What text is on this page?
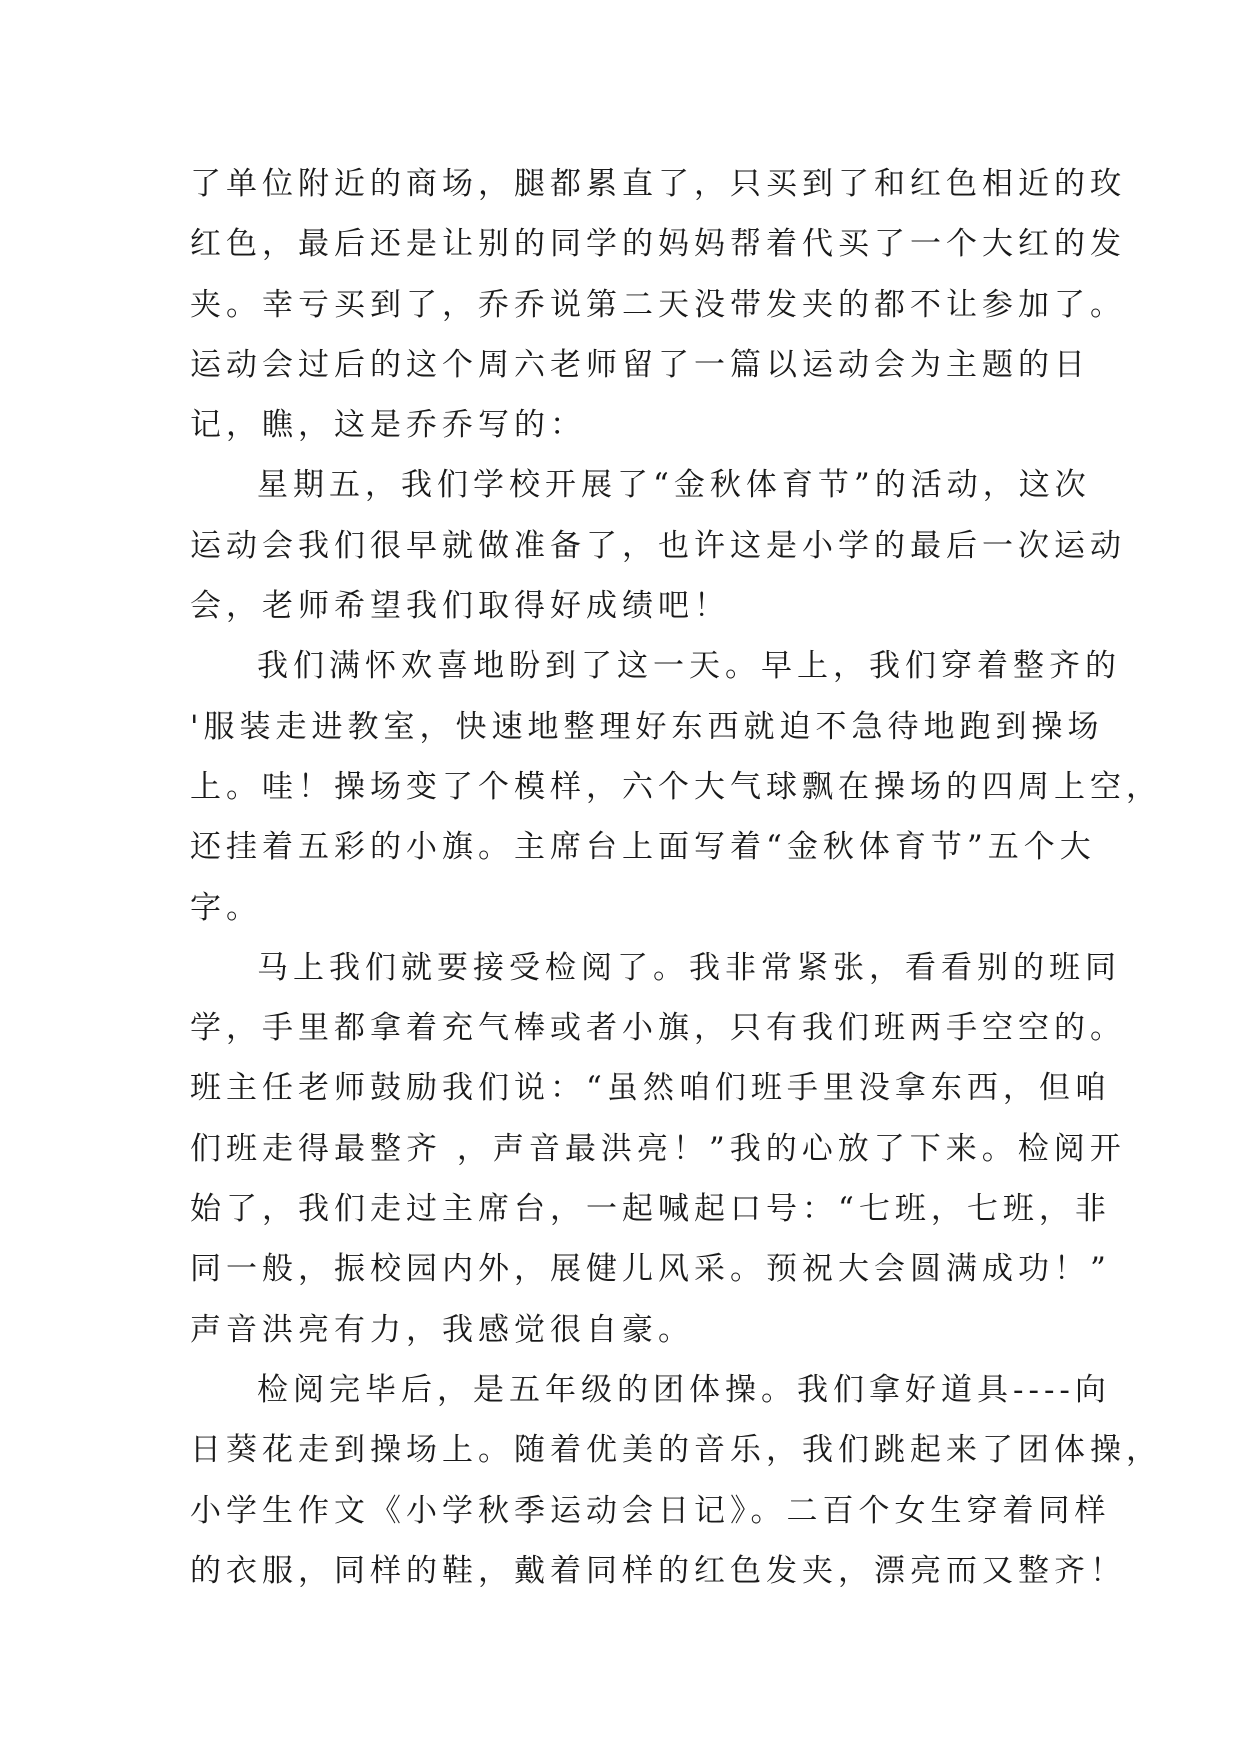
了单位附近的商场，腿都累直了，只买到了和红色相近的玫
红色，最后还是让别的同学的妈妈帮着代买了一个大红的发
夹。幸亏买到了，乔乔说第二天没带发夹的都不让参加了。
运动会过后的这个周六老师留了一篇以运动会为主题的日
记，瞧，这是乔乔写的：
星期五，我们学校开展了“金秋体育节”的活动，这次
运动会我们很早就做准备了，也许这是小学的最后一次运动
会，老师希望我们取得好成绩吧！
我们满怀欢喜地盼到了这一天。早上，我们穿着整齐的
'服装走进教室，快速地整理好东西就迫不急待地跑到操场
上。哇！操场变了个模样，六个大气球飘在操场的四周上空，
还挂着五彩的小旗。主席台上面写着“金秋体育节”五个大
字。
马上我们就要接受检阅了。我非常紧张，看看别的班同
学，手里都拿着充气棒或者小旗，只有我们班两手空空的。
班主任老师鼓励我们说：“虽然咱们班手里没拿东西，但咱
们班走得最整齐 ，声音最洪亮！”我的心放了下来。检阅开
始了，我们走过主席台，一起喊起口号：“七班，七班，非
同一般，振校园内外，展健儿风采。预祝大会圆满成功！”
声音洪亮有力，我感觉很自豪。
检阅完毕后，是五年级的团体操。我们拿好道具----向
日葵花走到操场上。随着优美的音乐，我们跳起来了团体操，
小学生作文《小学秋季运动会日记》。二百个女生穿着同样
的衣服，同样的鞋，戴着同样的红色发夹，漂亮而又整齐！
